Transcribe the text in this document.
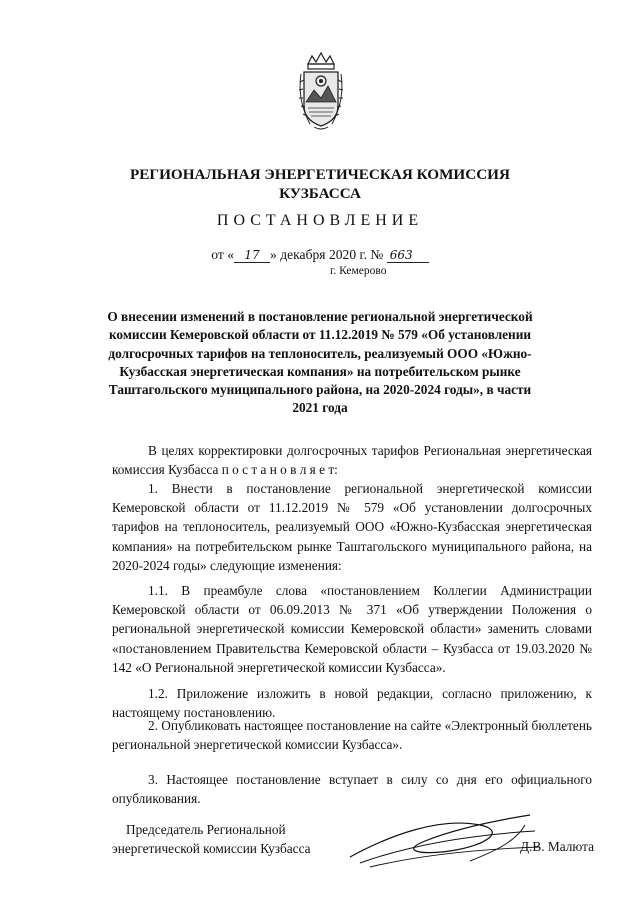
РЕГИОНАЛЬНАЯ ЭНЕРГЕТИЧЕСКАЯ КОМИССИЯ
КУЗБАССА
ПОСТАНОВЛЕНИЕ
от « 17 » декабря 2020 г. № 663
г. Кемерово
О внесении изменений в постановление региональной энергетической комиссии Кемеровской области от 11.12.2019 № 579 «Об установлении долгосрочных тарифов на теплоноситель, реализуемый ООО «Южно-Кузбасская энергетическая компания» на потребительском рынке Таштагольского муниципального района, на 2020-2024 годы», в части 2021 года

В целях корректировки долгосрочных тарифов Региональная энергетическая комиссия Кузбасса п о с т а н о в л я е т:

1. Внести в постановление региональной энергетической комиссии Кемеровской области от 11.12.2019 № 579 «Об установлении долгосрочных тарифов на теплоноситель, реализуемый ООО «Южно-Кузбасская энергетическая компания» на потребительском рынке Таштагольского муниципального района, на 2020-2024 годы» следующие изменения:

1.1. В преамбуле слова «постановлением Коллегии Администрации Кемеровской области от 06.09.2013 № 371 «Об утверждении Положения о региональной энергетической комиссии Кемеровской области» заменить словами «постановлением Правительства Кемеровской области – Кузбасса от 19.03.2020 № 142 «О Региональной энергетической комиссии Кузбасса».

1.2. Приложение изложить в новой редакции, согласно приложению, к настоящему постановлению.

2. Опубликовать настоящее постановление на сайте «Электронный бюллетень региональной энергетической комиссии Кузбасса».

3. Настоящее постановление вступает в силу со дня его официального опубликования.

Председатель Региональной
энергетической комиссии Кузбасса	Д.В. Малюта
